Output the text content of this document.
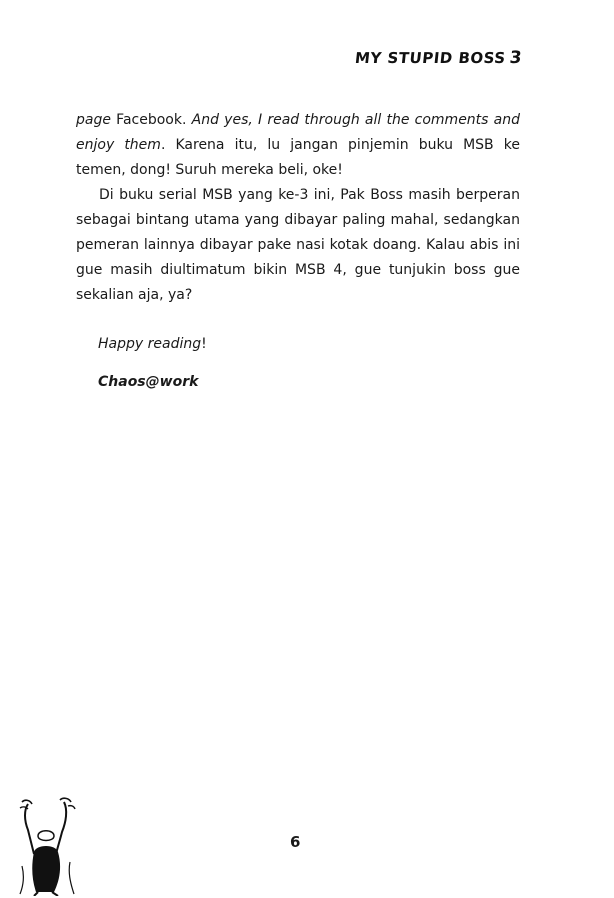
MY STUPID BOSS 3

page Facebook. And yes, I read through all the comments and enjoy them. Karena itu, lu jangan pinjemin buku MSB ke temen, dong! Suruh mereka beli, oke!

Di buku serial MSB yang ke-3 ini, Pak Boss masih berperan sebagai bintang utama yang dibayar paling mahal, sedangkan pemeran lainnya dibayar pake nasi kotak doang. Kalau abis ini gue masih diultimatum bikin MSB 4, gue tunjukin boss gue sekalian aja, ya?

Happy reading!
Chaos@work
6
